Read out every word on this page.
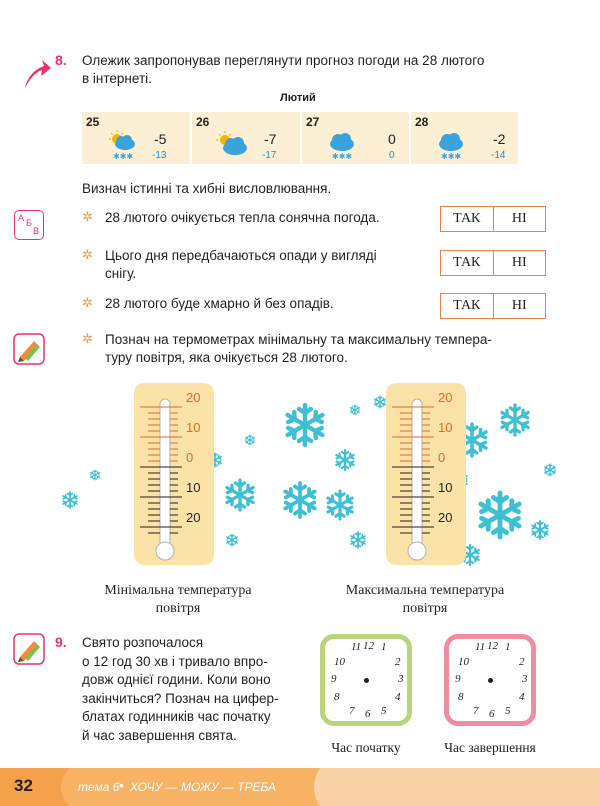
8. Олежик запропонував переглянути прогноз погоди на 28 лютого
в інтернеті.
Лютий
25
✱✱✱
-5
-13
26
-7
-17
27
✱✱✱
0
0
28
✱✱✱
-2
-14
Визнач істинні та хибні висловлювання.
А Б
В
✲ 28 лютого очікується тепла сонячна погода.	ТАК	НІ
✲ Цього дня передбачаються опади у вигляді
снігу.
ТАК	НІ
✲ 28 лютого буде хмарно й без опадів.	ТАК	НІ
✲ Познач на термометрах мінімальну та максимальну темпера-
туру повітря, яка очікується 28 лютого.
20
10
0
10
20
20
10
0
10
20
Мінімальна температура
повітря
Максимальна температура
повітря
9. Свято розпочалося
о 12 год 30 хв і тривало впро-
довж однієї години. Коли воно
закінчиться? Познач на цифер-
блатах годинників час початку
й час завершення свята.
11 12 1
2
3
4
5
6
7
8
9
10
Час початку
11 12 1
2
3
4
5
6
7
8
9
10
Час завершення
32	тема 6 • ХОЧУ — МОЖУ — ТРЕБА
